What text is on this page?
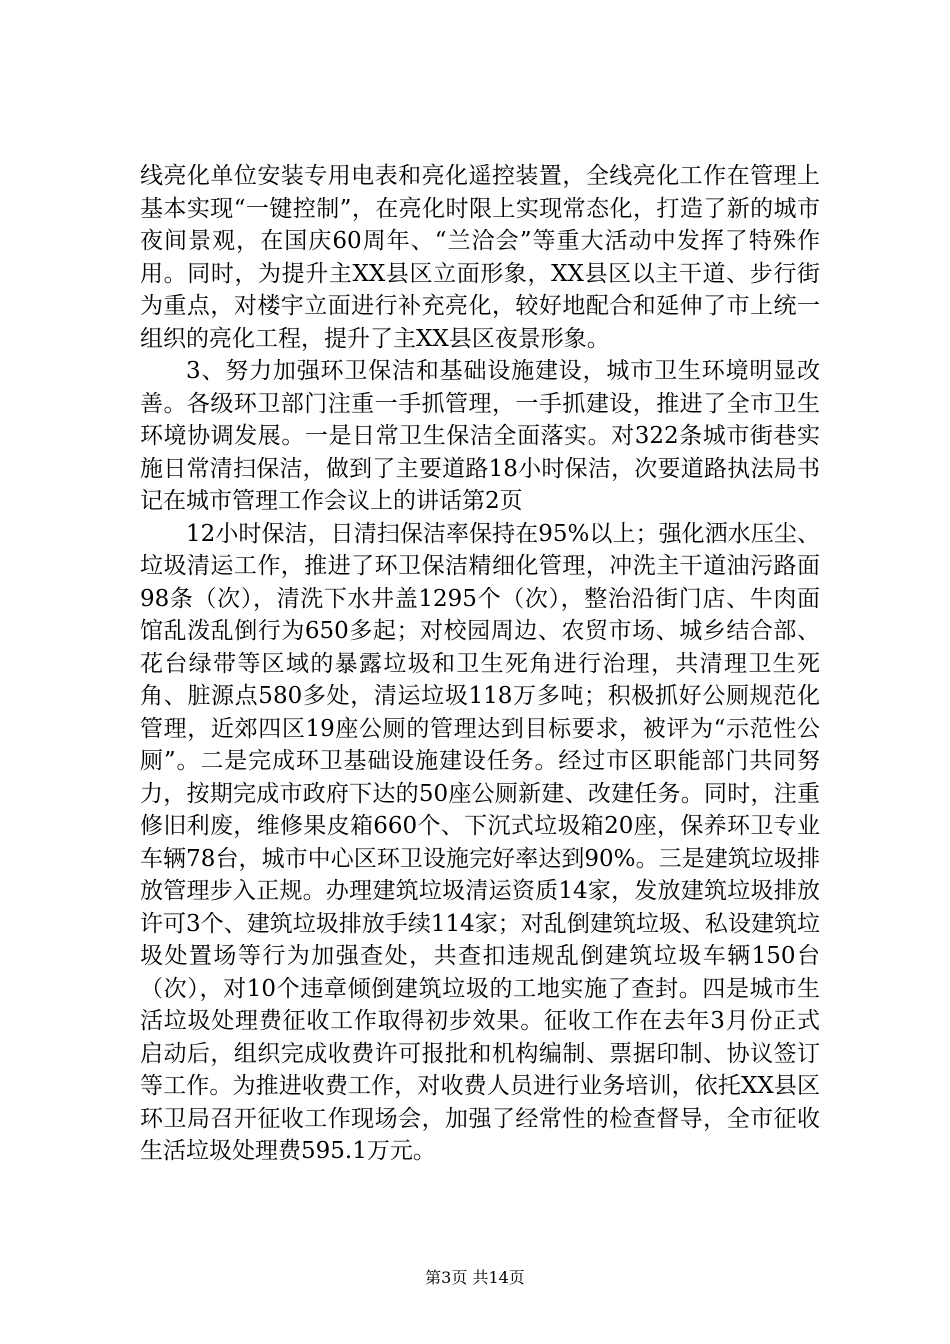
线亮化单位安装专用电表和亮化遥控装置，全线亮化工作在管理上基本实现“一键控制”，在亮化时限上实现常态化，打造了新的城市夜间景观，在国庆60周年、“兰洽会”等重大活动中发挥了特殊作用。同时，为提升主XX县区立面形象，XX县区以主干道、步行街为重点，对楼宇立面进行补充亮化，较好地配合和延伸了市上统一组织的亮化工程，提升了主XX县区夜景形象。

3、努力加强环卫保洁和基础设施建设，城市卫生环境明显改善。各级环卫部门注重一手抓管理，一手抓建设，推进了全市卫生环境协调发展。一是日常卫生保洁全面落实。对322条城市街巷实施日常清扫保洁，做到了主要道路18小时保洁，次要道路执法局书记在城市管理工作会议上的讲话第2页

12小时保洁，日清扫保洁率保持在95%以上；强化洒水压尘、垃圾清运工作，推进了环卫保洁精细化管理，冲洗主干道油污路面98条（次），清洗下水井盖1295个（次），整治沿街门店、牛肉面馆乱泼乱倒行为650多起；对校园周边、农贸市场、城乡结合部、花台绿带等区域的暴露垃圾和卫生死角进行治理，共清理卫生死角、脏源点580多处，清运垃圾118万多吨；积极抓好公厕规范化管理，近郊四区19座公厕的管理达到目标要求，被评为“示范性公厕”。二是完成环卫基础设施建设任务。经过市区职能部门共同努力，按期完成市政府下达的50座公厕新建、改建任务。同时，注重修旧利废，维修果皮箱660个、下沉式垃圾箱20座，保养环卫专业车辆78台，城市中心区环卫设施完好率达到90%。三是建筑垃圾排放管理步入正规。办理建筑垃圾清运资质14家，发放建筑垃圾排放许可3个、建筑垃圾排放手续114家；对乱倒建筑垃圾、私设建筑垃圾处置场等行为加强查处，共查扣违规乱倒建筑垃圾车辆150台（次），对10个违章倾倒建筑垃圾的工地实施了查封。四是城市生活垃圾处理费征收工作取得初步效果。征收工作在去年3月份正式启动后，组织完成收费许可报批和机构编制、票据印制、协议签订等工作。为推进收费工作，对收费人员进行业务培训，依托XX县区环卫局召开征收工作现场会，加强了经常性的检查督导，全市征收生活垃圾处理费595.1万元。

第3页 共14页
